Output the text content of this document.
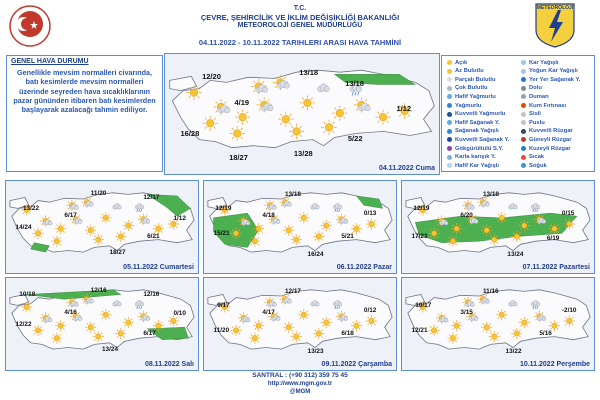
T.C.
ÇEVRE, ŞEHİRCİLİK VE İKLİM DEĞİŞİKLİĞİ BAKANLIĞI
METEOROLOJİ GENEL MÜDÜRLÜĞÜ
04.11.2022 - 10.11.2022 TARIHLERI ARASI HAVA TAHMİNİ
METEOROLOJİ
GENEL HAVA DURUMU
Genellikle mevsim normalleri civarında, batı kesimlerde mevsim normalleri üzerinde seyreden hava sıcaklıklarının pazar gününden itibaren batı kesimlerden başlayarak azalacağı tahmin ediliyor.
12/20	13/18
13/18
4/19
1/12
16/28
5/22
13/28
18/27
04.11.2022 Cuma
Açık	Kar Yağışlı
Az Bulutlu	Yoğun Kar Yağışlı
Parçalı Bulutlu	Yer Yer Sağanak Y.
Çok Bulutlu	Dolu
Hafif Yağmurlu	Duman
Yağmurlu	Kum Fırtınası
Kuvvetli Yağmurlu	Sisli
Hafif Sağanak Y.	Puslu
Sağanak Yağışlı	Kuvvetli Rüzgar
Kuvvetli Sağanak Y.	Güneyli Rüzgar
Gökgürültülü S.Y.	Kuzeyli Rüzgar
Karla karışık Y.	Sıcak
Hafif Kar Yağışlı	Soğuk
13/22
11/20
12/17
6/17
14/24
1/12
6/21
18/27
05.11.2022 Cumartesi
12/19
13/18
4/18	0/13
15/21	5/21
16/24
06.11.2022 Pazar
12/19
13/18
6/20	0/15
17/23	6/19
13/24
07.11.2022 Pazartesi
10/18
12/16
12/16
4/16
12/22
0/10
6/17
13/24
08.11.2022 Salı
9/17
12/17
4/17	0/12
11/20	6/18
13/23
09.11.2022 Çarşamba
10/17
11/16
3/15	-2/10
12/21	5/16
13/22
10.11.2022 Perşembe
SANTRAL : (+90 312) 359 75 45
http://www.mgm.gov.tr
@MGM
